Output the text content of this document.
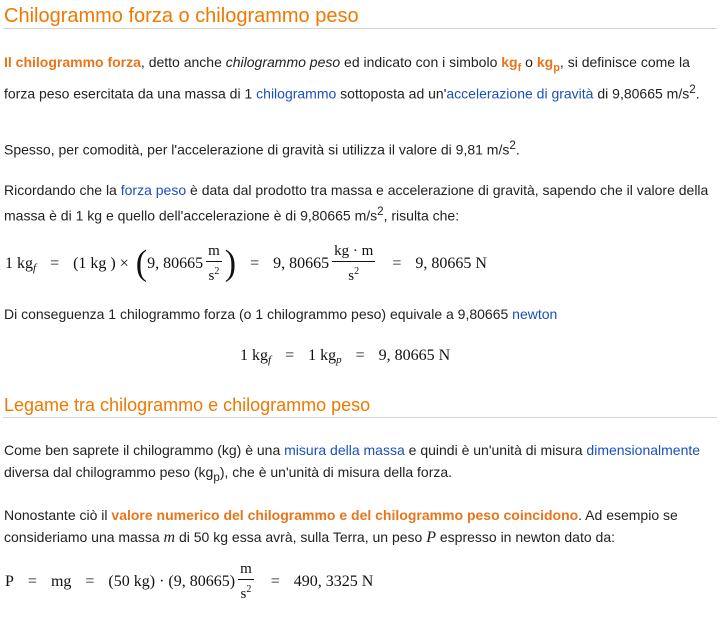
Chilogrammo forza o chilogrammo peso

Il chilogrammo forza, detto anche chilogrammo peso ed indicato con i simbolo $kg_f$ o $kg_p$, si definisce come la forza peso esercitata da una massa di 1 chilogrammo sottoposta ad un'accelerazione di gravità di 9,80665 $m/s^2$.

Spesso, per comodità, per l'accelerazione di gravità si utilizza il valore di 9,81 $m/s^2$.

Ricordando che la forza peso è data dal prodotto tra massa e accelerazione di gravità, sapendo che il valore della massa è di 1 kg e quello dell'accelerazione è di 9,80665 $m/s^2$, risulta che:

1 kg $_f$ = (1 kg ) × ( 9, $80665 \frac{m}{s^2}$ ) = 9, $80665 \frac{kg \cdot m}{s^2} = 9$, 80665 N

Di conseguenza 1 chilogrammo forza (o 1 chilogrammo peso) equivale a 9,80665 newton

1 kg $_f$ = 1 kg $_p$ = 9, 80665 N
Legame tra chilogrammo e chilogrammo peso

Come ben saprete il chilogrammo (kg) è una misura della massa e quindi è un'unità di misura dimensionalmente diversa dal chilogrammo peso $(kg_p)$, che è un'unità di misura della forza.

Nonostante ciò il valore numerico del chilogrammo e del chilogrammo peso coincidono. Ad esempio se consideriamo una massa m di 50 kg essa avrà, sulla Terra, un peso P espresso in newton dato da:

P = mg = (50 kg) · (9, $80665) \frac{m}{s^2} = 490$, 3325 N
